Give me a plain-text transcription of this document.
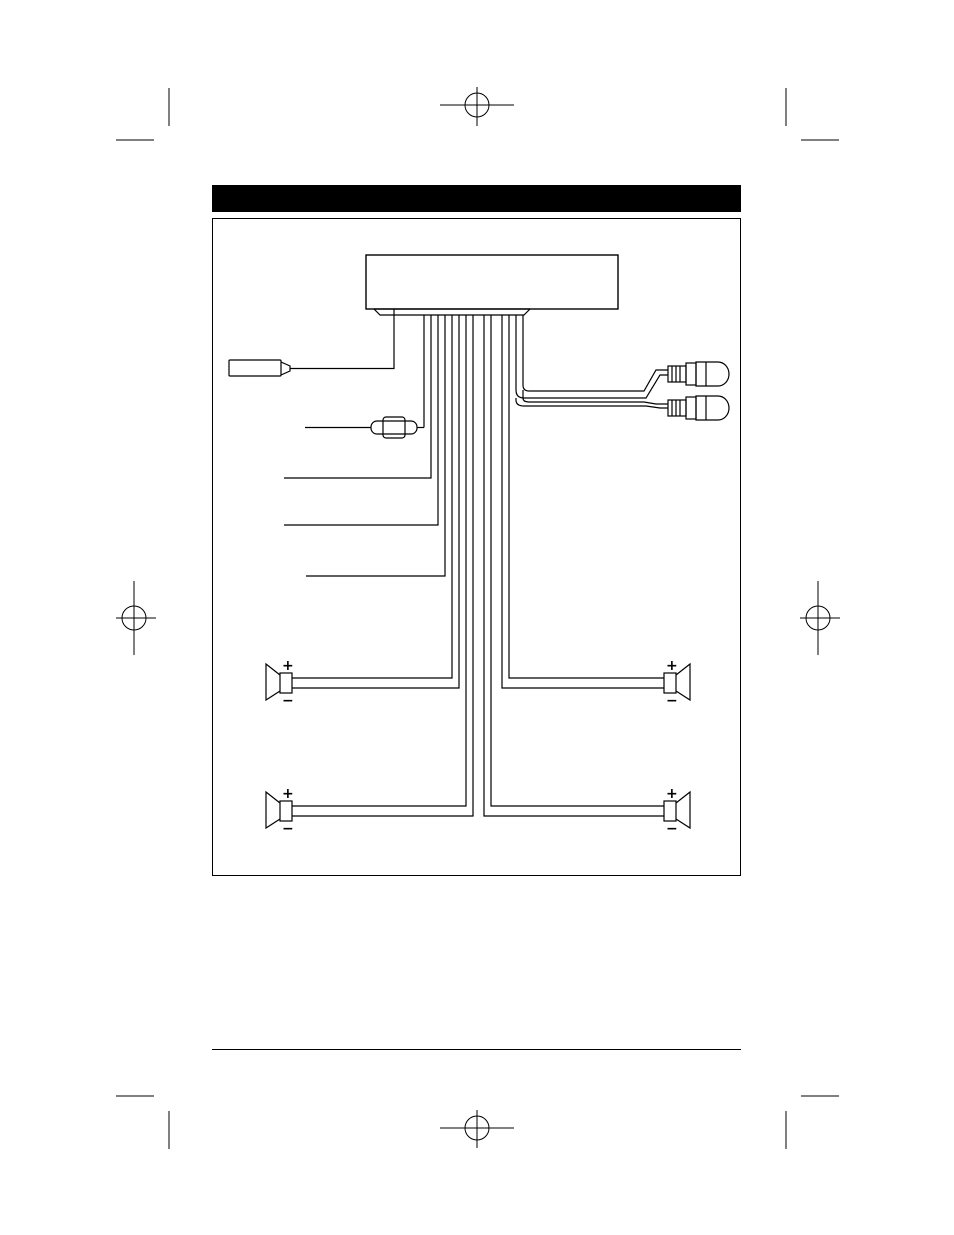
+
−
+
−
+
−
+
−
